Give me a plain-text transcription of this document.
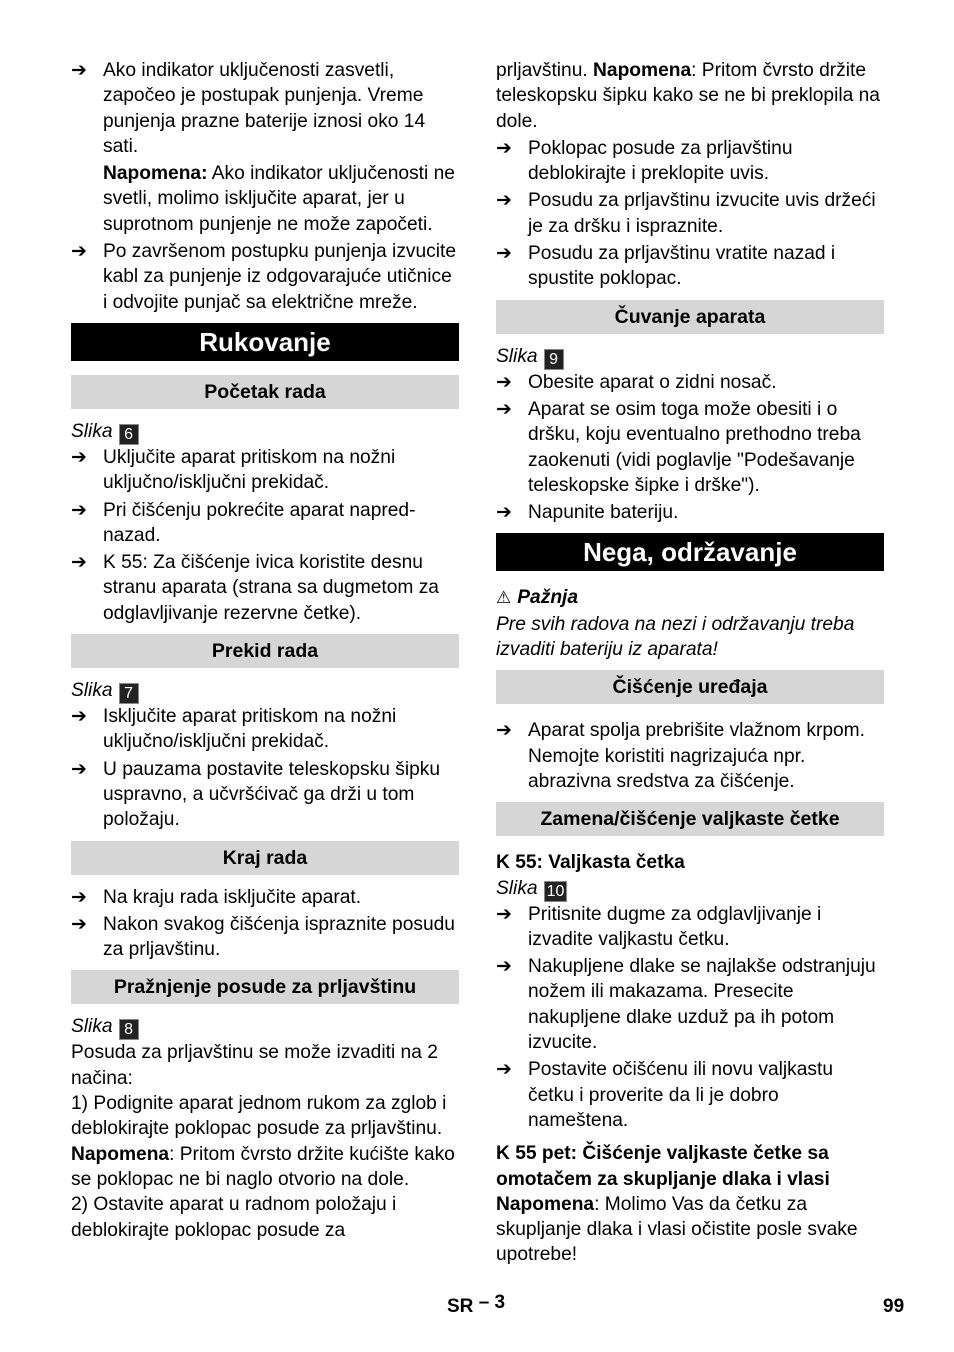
➔ Ako indikator uključenosti zasvetli, započeo je postupak punjenja. Vreme punjenja prazne baterije iznosi oko 14 sati.
Napomena: Ako indikator uključenosti ne svetli, molimo isključite aparat, jer u suprotnom punjenje ne može započeti.
➔ Po završenom postupku punjenja izvucite kabl za punjenje iz odgovarajuće utičnice i odvojite punjač sa električne mreže.
Rukovanje
Početak rada
Slika 6
➔ Uključite aparat pritiskom na nožni uključno/isključni prekidač.
➔ Pri čišćenju pokrećite aparat napred-nazad.
➔ K 55: Za čišćenje ivica koristite desnu stranu aparata (strana sa dugmetom za odglavljivanje rezervne četke).
Prekid rada
Slika 7
➔ Isključite aparat pritiskom na nožni uključno/isključni prekidač.
➔ U pauzama postavite teleskopsku šipku uspravno, a učvršćivač ga drži u tom položaju.
Kraj rada
➔ Na kraju rada isključite aparat.
➔ Nakon svakog čišćenja ispraznite posudu za prljavštinu.
Pražnjenje posude za prljavštinu
Slika 8

Posuda za prljavštinu se može izvaditi na 2 načina:

1) Podignite aparat jednom rukom za zglob i deblokirajte poklopac posude za prljavštinu. Napomena: Pritom čvrsto držite kućište kako se poklopac ne bi naglo otvorio na dole.

2) Ostavite aparat u radnom položaju i deblokirajte poklopac posude za

prljavštinu. Napomena: Pritom čvrsto držite teleskopsku šipku kako se ne bi preklopila na dole.

➔ Poklopac posude za prljavštinu deblokirajte i preklopite uvis.
➔ Posudu za prljavštinu izvucite uvis držeći je za dršku i ispraznite.
➔ Posudu za prljavštinu vratite nazad i spustite poklopac.
Čuvanje aparata
Slika 9
➔ Obesite aparat o zidni nosač.
➔ Aparat se osim toga može obesiti i o dršku, koju eventualno prethodno treba zaokenuti (vidi poglavlje "Podešavanje teleskopske šipke i drške").
➔ Napunite bateriju.
Nega, održavanje
⚠ Pažnja

Pre svih radova na nezi i održavanju treba izvaditi bateriju iz aparata!

Čišćenje uređaja
➔ Aparat spolja prebrišite vlažnom krpom. Nemojte koristiti nagrizajuća npr. abrazivna sredstva za čišćenje.
Zamena/čišćenje valjkaste četke
K 55: Valjkasta četka
Slika 10
➔ Pritisnite dugme za odglavljivanje i izvadite valjkastu četku.
➔ Nakupljene dlake se najlakše odstranjuju nožem ili makazama. Presecite nakupljene dlake uzduž pa ih potom izvucite.
➔ Postavite očišćenu ili novu valjkastu četku i proverite da li je dobro nameštena.
K 55 pet: Čišćenje valjkaste četke sa omotačem za skupljanje dlaka i vlasi

Napomena: Molimo Vas da četku za skupljanje dlaka i vlasi očistite posle svake upotrebe!

SR – 3	99
